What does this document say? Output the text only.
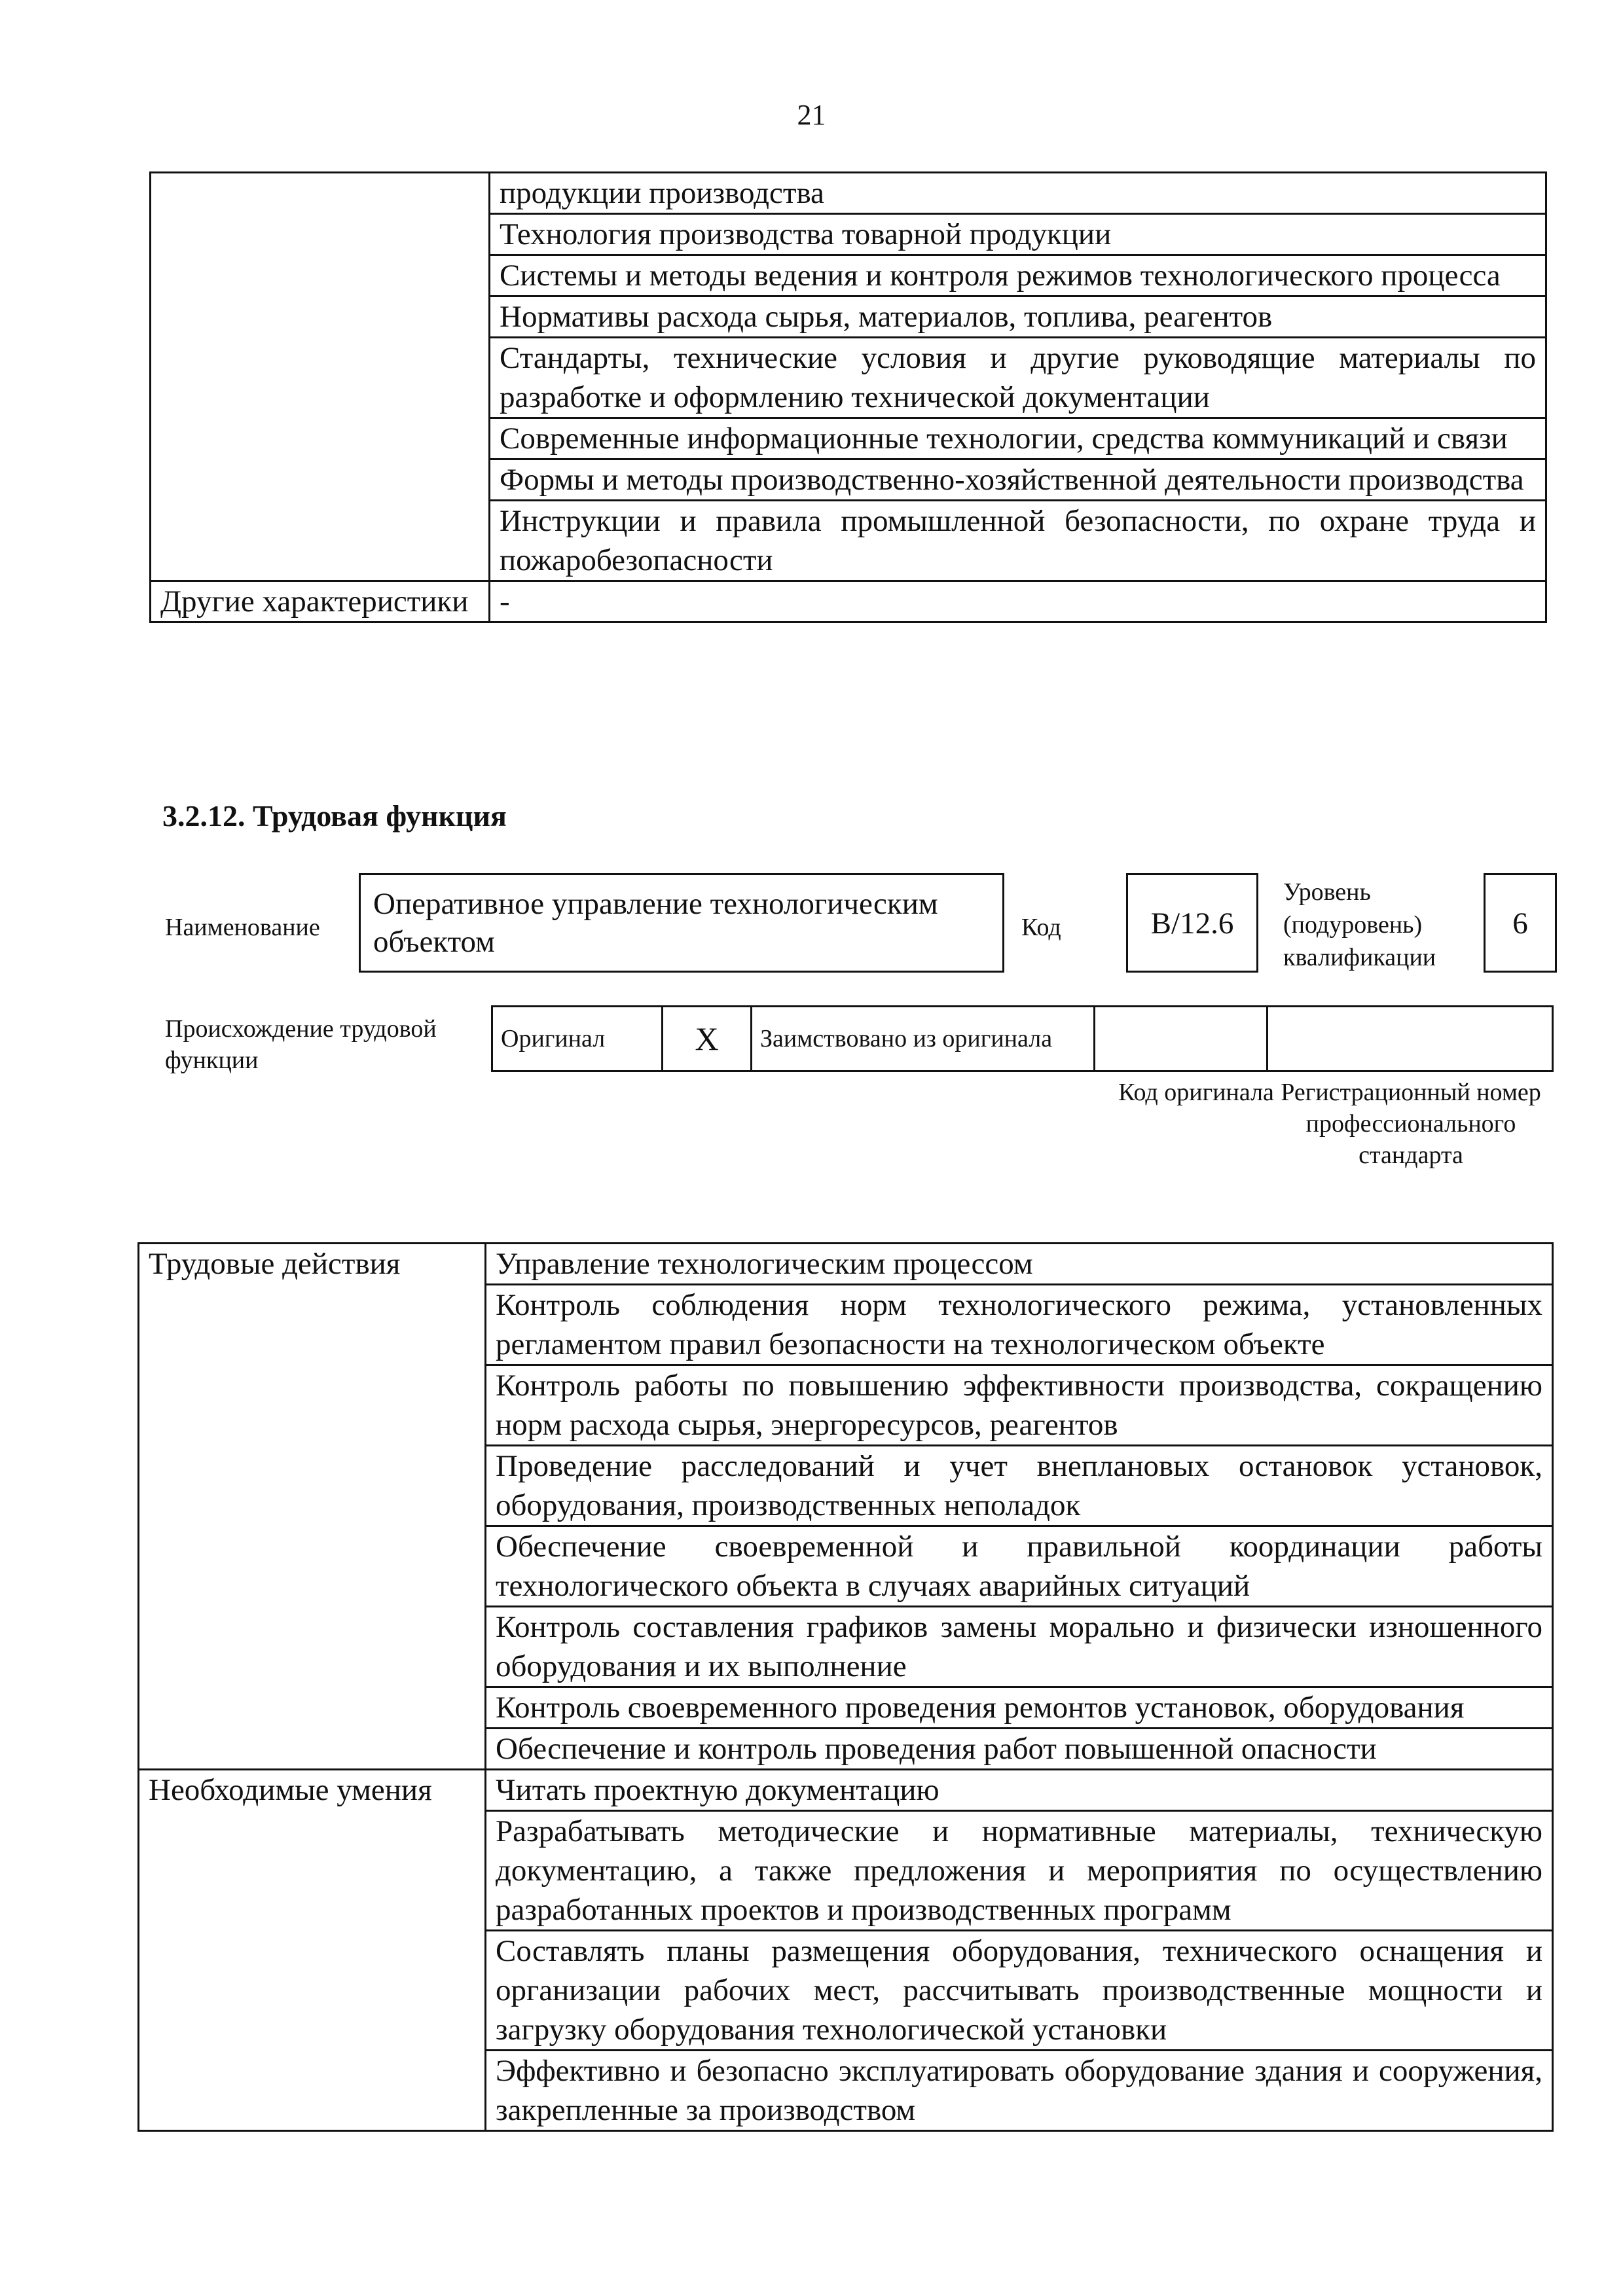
21
	продукции производства
	Технология производства товарной продукции
	Системы и методы ведения и контроля режимов технологического процесса
	Нормативы расхода сырья, материалов, топлива, реагентов
	Стандарты, технические условия и другие руководящие материалы по разработке и оформлению технической документации
	Современные информационные технологии, средства коммуникаций и связи
	Формы и методы производственно-хозяйственной деятельности производства
	Инструкции и правила промышленной безопасности, по охране труда и пожаробезопасности
Другие характеристики	-
3.2.12. Трудовая функция
Наименование
Оперативное управление технологическим объектом	Код	В/12.6
Уровень (подуровень) квалификации
6
Происхождение трудовой функции
Оригинал	X	Заимствовано из оригинала		
Код оригинала Регистрационный номер профессионального стандарта
Трудовые действия	Управление технологическим процессом
	Контроль соблюдения норм технологического режима, установленных регламентом правил безопасности на технологическом объекте
	Контроль работы по повышению эффективности производства, сокращению норм расхода сырья, энергоресурсов, реагентов
	Проведение расследований и учет внеплановых остановок установок, оборудования, производственных неполадок
	Обеспечение своевременной и правильной координации работы технологического объекта в случаях аварийных ситуаций
	Контроль составления графиков замены морально и физически изношенного оборудования и их выполнение
	Контроль своевременного проведения ремонтов установок, оборудования
	Обеспечение и контроль проведения работ повышенной опасности
Необходимые умения	Читать проектную документацию
	Разрабатывать методические и нормативные материалы, техническую документацию, а также предложения и мероприятия по осуществлению разработанных проектов и производственных программ
	Составлять планы размещения оборудования, технического оснащения и организации рабочих мест, рассчитывать производственные мощности и загрузку оборудования технологической установки
	Эффективно и безопасно эксплуатировать оборудование здания и сооружения, закрепленные за производством
